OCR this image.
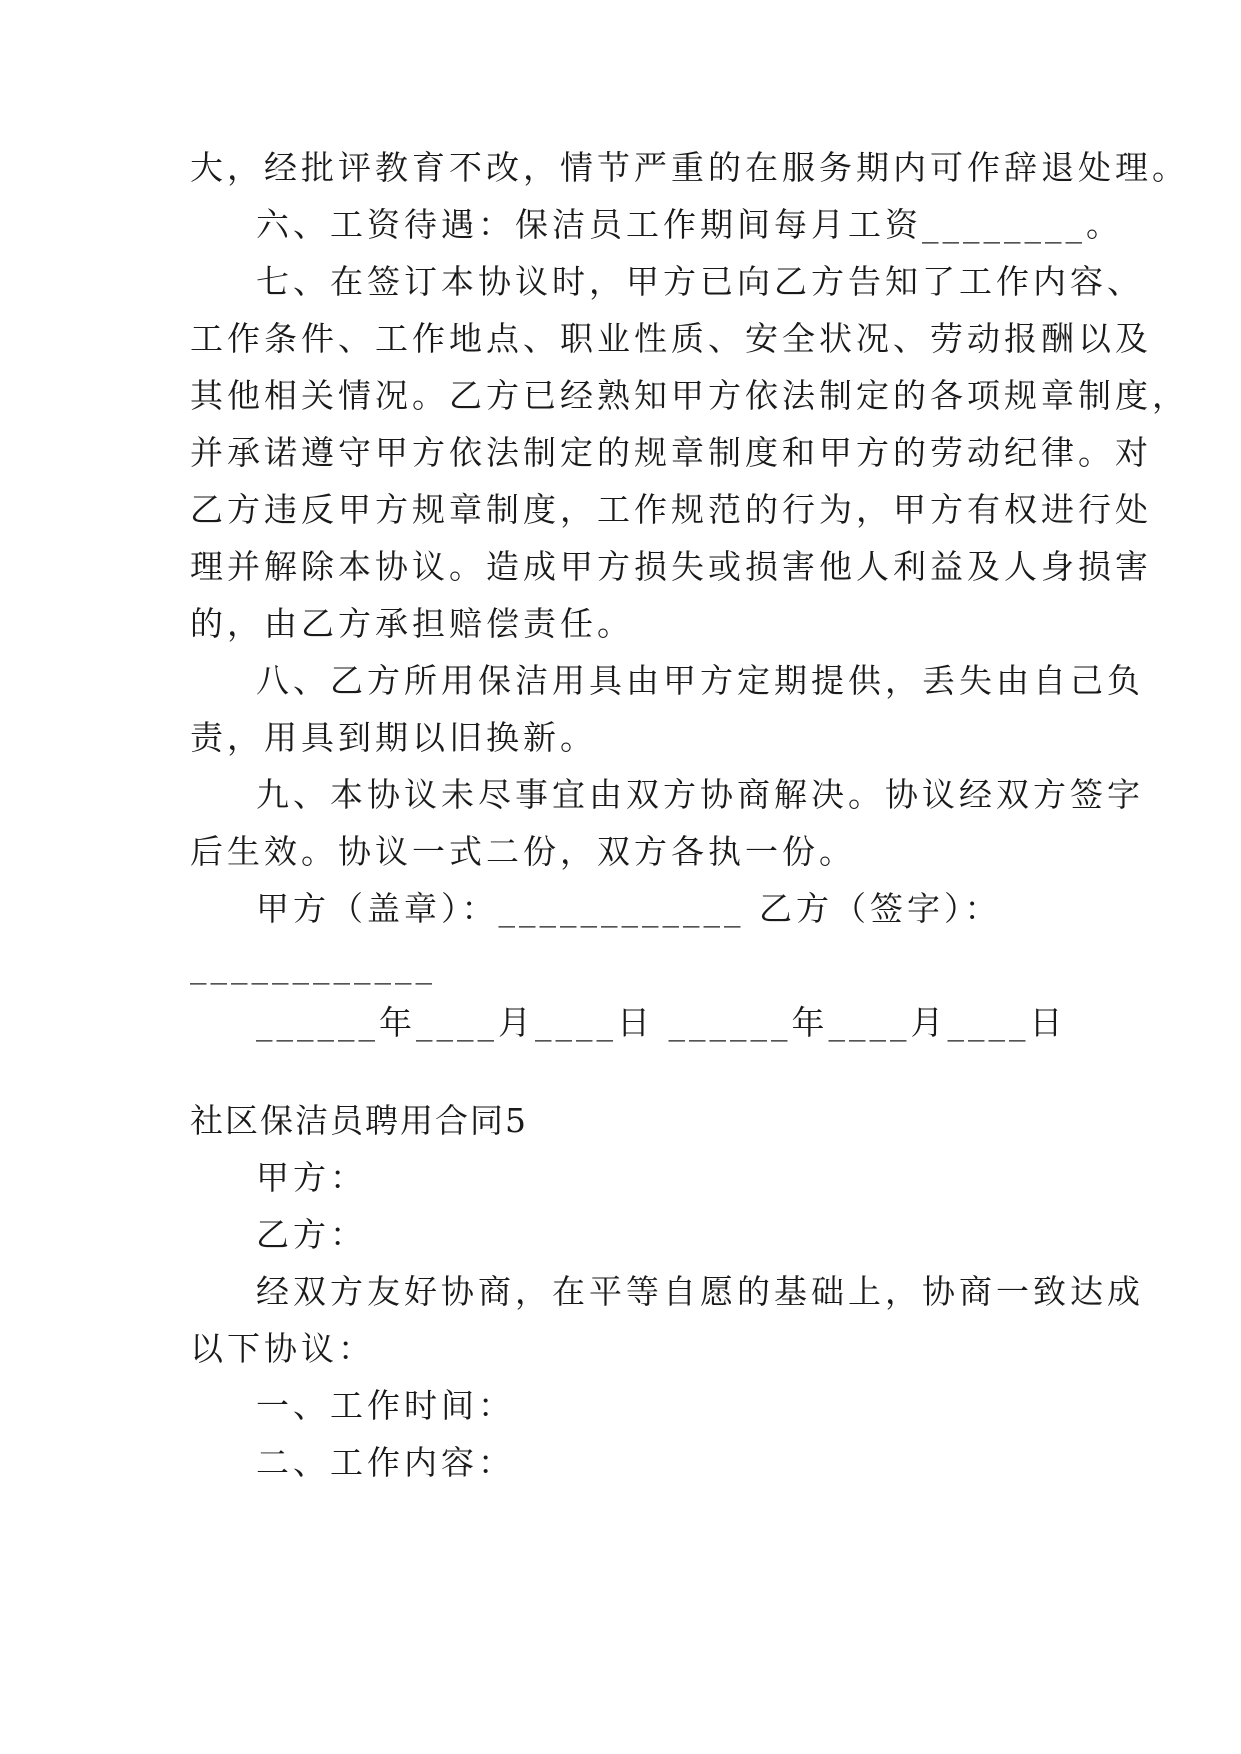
大，经批评教育不改，情节严重的在服务期内可作辞退处理。
六、工资待遇：保洁员工作期间每月工资________。
七、在签订本协议时，甲方已向乙方告知了工作内容、
工作条件、工作地点、职业性质、安全状况、劳动报酬以及
其他相关情况。乙方已经熟知甲方依法制定的各项规章制度，
并承诺遵守甲方依法制定的规章制度和甲方的劳动纪律。对
乙方违反甲方规章制度，工作规范的行为，甲方有权进行处
理并解除本协议。造成甲方损失或损害他人利益及人身损害
的，由乙方承担赔偿责任。
八、乙方所用保洁用具由甲方定期提供，丢失由自己负
责，用具到期以旧换新。
九、本协议未尽事宜由双方协商解决。协议经双方签字
后生效。协议一式二份，双方各执一份。
甲方（盖章）：____________ 乙方（签字）：
____________
______年____月____日 ______年____月____日
社区保洁员聘用合同5
甲方：
乙方：
经双方友好协商，在平等自愿的基础上，协商一致达成
以下协议：
一、工作时间：
二、工作内容：
